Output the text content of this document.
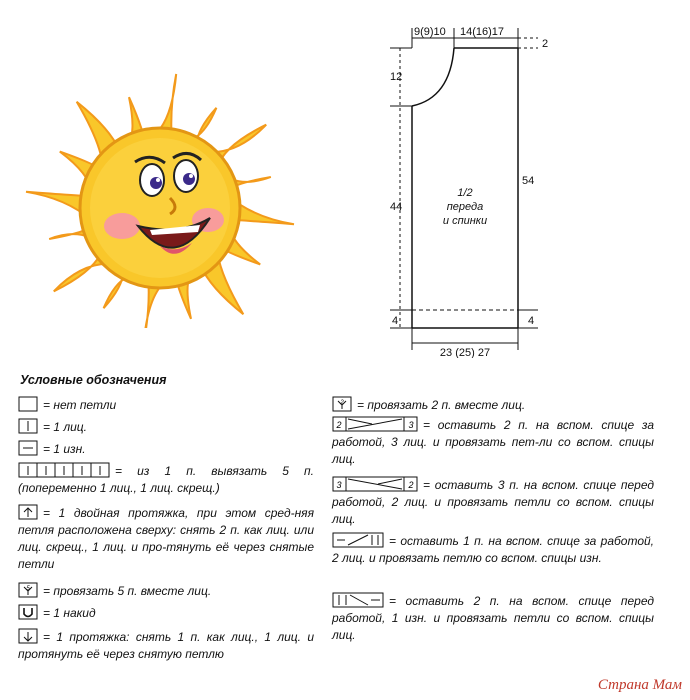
9(9)10 14(16)17
2
12
44
54
1/2
переда
и спинки
4	4
23 (25) 27
Условные обозначения
= нет петли
= 1 лиц.
= 1 изн.
= из 1 п. вывязать 5 п. (попеременно 1 лиц., 1 лиц. скрещ.)
= 1 двойная протяжка, при этом сред-няя петля расположена сверху: снять 2 п. как лиц. или лиц. скрещ., 1 лиц. и про-тянуть её через снятые петли
5 = провязать 5 п. вместе лиц.
= 1 накид
= 1 протяжка: снять 1 п. как лиц., 1 лиц. и протянуть её через снятую петлю
2 = провязать 2 п. вместе лиц.
2	3 = оставить 2 п. на вспом. спице за работой, 3 лиц. и провязать пет-ли со вспом. спицы лиц.
3	2 = оставить 3 п. на вспом. спице перед работой, 2 лиц. и провязать петли со вспом. спицы лиц.
= оставить 1 п. на вспом. спице за работой, 2 лиц. и провязать петлю со вспом. спицы изн.
= оставить 2 п. на вспом. спице перед работой, 1 изн. и провязать петли со вспом. спицы лиц.
Страна Мам
